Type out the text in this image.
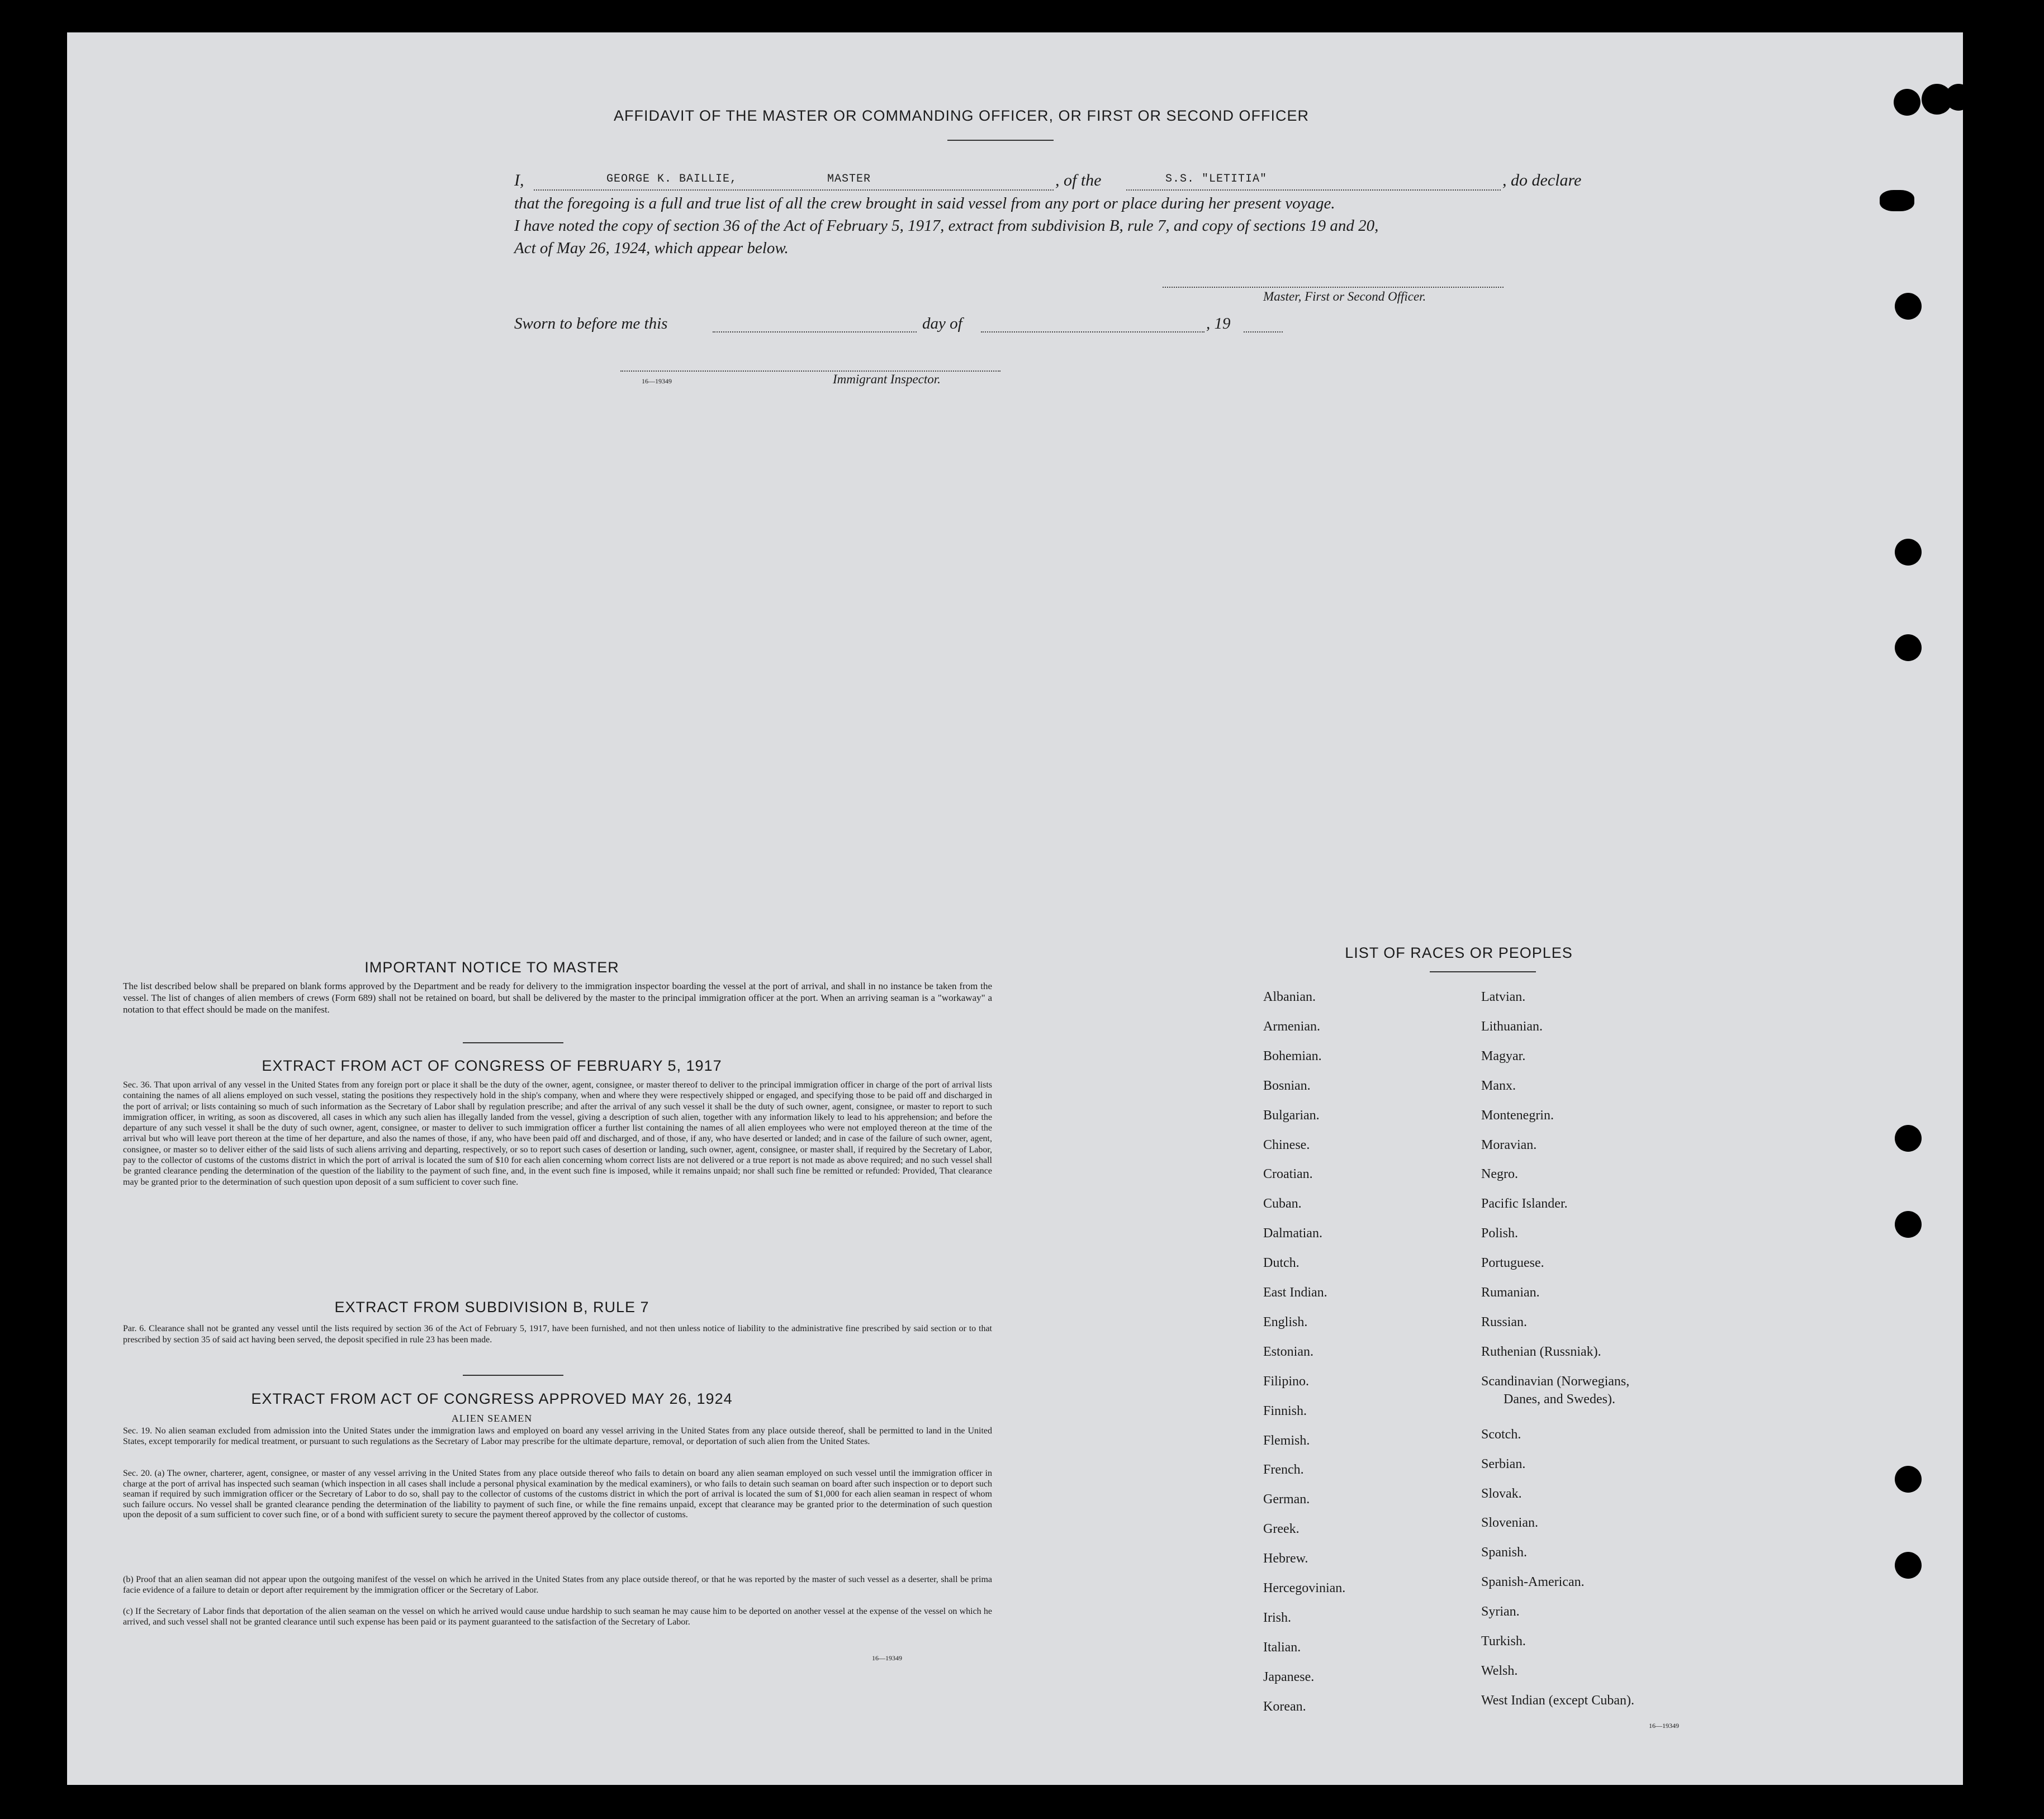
AFFIDAVIT OF THE MASTER OR COMMANDING OFFICER, OR FIRST OR SECOND OFFICER
I,	GEORGE K. BAILLIE,	MASTER	, of the	S.S. "LETITIA"	, do declare
that the foregoing is a full and true list of all the crew brought in said vessel from any port or place during her present voyage.
I have noted the copy of section 36 of the Act of February 5, 1917, extract from subdivision B, rule 7, and copy of sections 19 and 20,
Act of May 26, 1924, which appear below.
Master, First or Second Officer.
Sworn to before me this	day of	, 19
16—19349	Immigrant Inspector.
IMPORTANT NOTICE TO MASTER
The list described below shall be prepared on blank forms approved by the Department and be ready for delivery to the immigration inspector boarding the vessel at the port of arrival, and shall in no instance be taken from the vessel. The list of changes of alien members of crews (Form 689) shall not be retained on board, but shall be delivered by the master to the principal immigration officer at the port. When an arriving seaman is a "workaway" a notation to that effect should be made on the manifest.
EXTRACT FROM ACT OF CONGRESS OF FEBRUARY 5, 1917
Sec. 36. That upon arrival of any vessel in the United States from any foreign port or place it shall be the duty of the owner, agent, consignee, or master thereof to deliver to the principal immigration officer in charge of the port of arrival lists containing the names of all aliens employed on such vessel, stating the positions they respectively hold in the ship's company, when and where they were respectively shipped or engaged, and specifying those to be paid off and discharged in the port of arrival; or lists containing so much of such information as the Secretary of Labor shall by regulation prescribe; and after the arrival of any such vessel it shall be the duty of such owner, agent, consignee, or master to report to such immigration officer, in writing, as soon as discovered, all cases in which any such alien has illegally landed from the vessel, giving a description of such alien, together with any information likely to lead to his apprehension; and before the departure of any such vessel it shall be the duty of such owner, agent, consignee, or master to deliver to such immigration officer a further list containing the names of all alien employees who were not employed thereon at the time of the arrival but who will leave port thereon at the time of her departure, and also the names of those, if any, who have been paid off and discharged, and of those, if any, who have deserted or landed; and in case of the failure of such owner, agent, consignee, or master so to deliver either of the said lists of such aliens arriving and departing, respectively, or so to report such cases of desertion or landing, such owner, agent, consignee, or master shall, if required by the Secretary of Labor, pay to the collector of customs of the customs district in which the port of arrival is located the sum of $10 for each alien concerning whom correct lists are not delivered or a true report is not made as above required; and no such vessel shall be granted clearance pending the determination of the question of the liability to the payment of such fine, and, in the event such fine is imposed, while it remains unpaid; nor shall such fine be remitted or refunded: Provided, That clearance may be granted prior to the determination of such question upon deposit of a sum sufficient to cover such fine.
EXTRACT FROM SUBDIVISION B, RULE 7
Par. 6. Clearance shall not be granted any vessel until the lists required by section 36 of the Act of February 5, 1917, have been furnished, and not then unless notice of liability to the administrative fine prescribed by said section or to that prescribed by section 35 of said act having been served, the deposit specified in rule 23 has been made.
EXTRACT FROM ACT OF CONGRESS APPROVED MAY 26, 1924
ALIEN SEAMEN
Sec. 19. No alien seaman excluded from admission into the United States under the immigration laws and employed on board any vessel arriving in the United States from any place outside thereof, shall be permitted to land in the United States, except temporarily for medical treatment, or pursuant to such regulations as the Secretary of Labor may prescribe for the ultimate departure, removal, or deportation of such alien from the United States.
Sec. 20. (a) The owner, charterer, agent, consignee, or master of any vessel arriving in the United States from any place outside thereof who fails to detain on board any alien seaman employed on such vessel until the immigration officer in charge at the port of arrival has inspected such seaman (which inspection in all cases shall include a personal physical examination by the medical examiners), or who fails to detain such seaman on board after such inspection or to deport such seaman if required by such immigration officer or the Secretary of Labor to do so, shall pay to the collector of customs of the customs district in which the port of arrival is located the sum of $1,000 for each alien seaman in respect of whom such failure occurs. No vessel shall be granted clearance pending the determination of the liability to payment of such fine, or while the fine remains unpaid, except that clearance may be granted prior to the determination of such question upon the deposit of a sum sufficient to cover such fine, or of a bond with sufficient surety to secure the payment thereof approved by the collector of customs.
(b) Proof that an alien seaman did not appear upon the outgoing manifest of the vessel on which he arrived in the United States from any place outside thereof, or that he was reported by the master of such vessel as a deserter, shall be prima facie evidence of a failure to detain or deport after requirement by the immigration officer or the Secretary of Labor.
(c) If the Secretary of Labor finds that deportation of the alien seaman on the vessel on which he arrived would cause undue hardship to such seaman he may cause him to be deported on another vessel at the expense of the vessel on which he arrived, and such vessel shall not be granted clearance until such expense has been paid or its payment guaranteed to the satisfaction of the Secretary of Labor.
16—19349
LIST OF RACES OR PEOPLES
16—19349
Albanian.
Armenian.
Bohemian.
Bosnian.
Bulgarian.
Chinese.
Croatian.
Cuban.
Dalmatian.
Dutch.
East Indian.
English.
Estonian.
Filipino.
Finnish.
Flemish.
French.
German.
Greek.
Hebrew.
Hercegovinian.
Irish.
Italian.
Japanese.
Korean.
Latvian.
Lithuanian.
Magyar.
Manx.
Montenegrin.
Moravian.
Negro.
Pacific Islander.
Polish.
Portuguese.
Rumanian.
Russian.
Ruthenian (Russniak).
Scandinavian (Norwegians,
Danes, and Swedes).
Scotch.
Serbian.
Slovak.
Slovenian.
Spanish.
Spanish-American.
Syrian.
Turkish.
Welsh.
West Indian (except Cuban).
